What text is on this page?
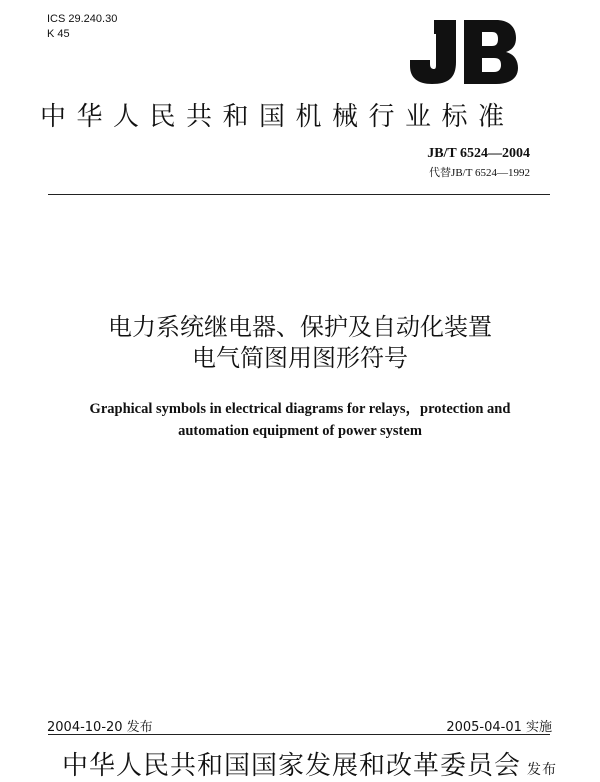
ICS 29.240.30
K 45
中华人民共和国机械行业标准
JB/T 6524—2004
代替JB/T 6524—1992
电力系统继电器、保护及自动化装置
电气简图用图形符号
Graphical symbols in electrical diagrams for relays，protection and
automation equipment of power system
2004-10-20 发布	2005-04-01 实施
中华人民共和国国家发展和改革委员会 发布
